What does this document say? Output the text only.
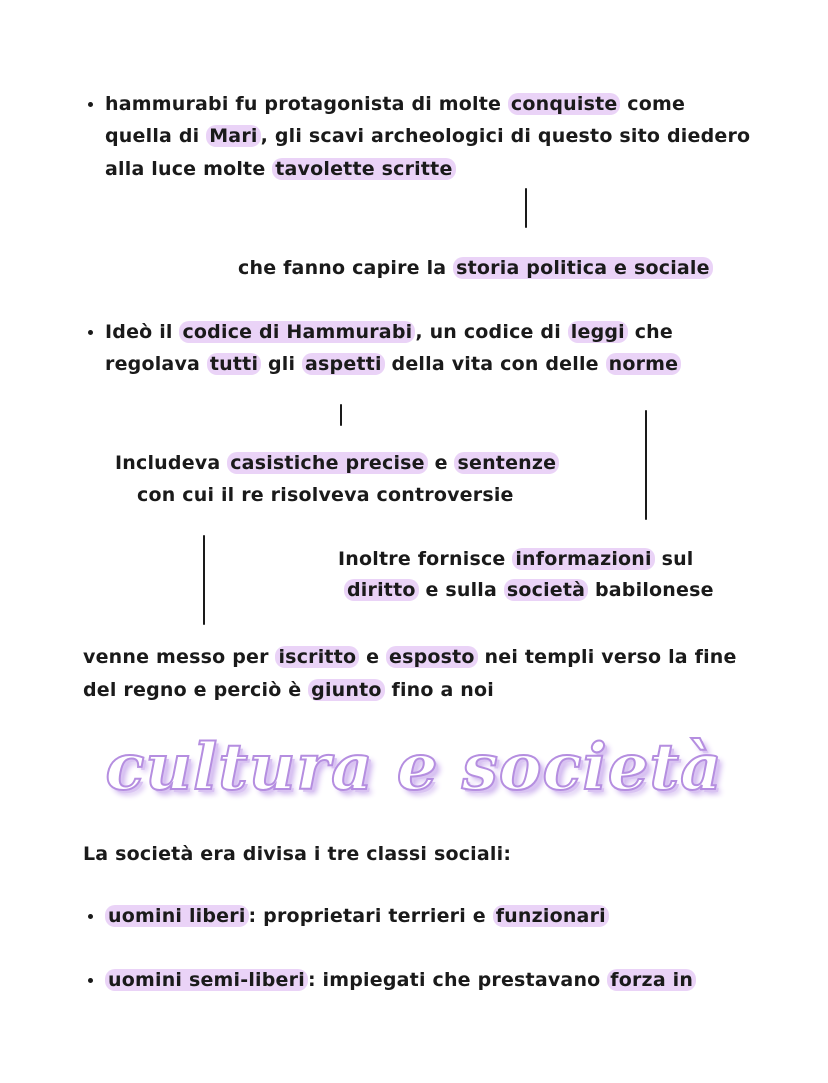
hammurabi fu protagonista di molte conquiste come
quella di Mari , gli scavi archeologici di questo sito diedero
alla luce molte tavolette scritte
che fanno capire la storia politica e sociale
Ideò il codice di Hammurabi , un codice di leggi che
regolava tutti gli aspetti della vita con delle norme
Includeva casistiche precise e sentenze
con cui il re risolveva controversie
Inoltre fornisce informazioni sul
diritto e sulla società babilonese
venne messo per iscritto e esposto nei templi verso la fine
del regno e perciò è giunto fino a noi
cultura e società
La società era divisa i tre classi sociali:
uomini liberi : proprietari terrieri e funzionari
uomini semi-liberi : impiegati che prestavano forza in
